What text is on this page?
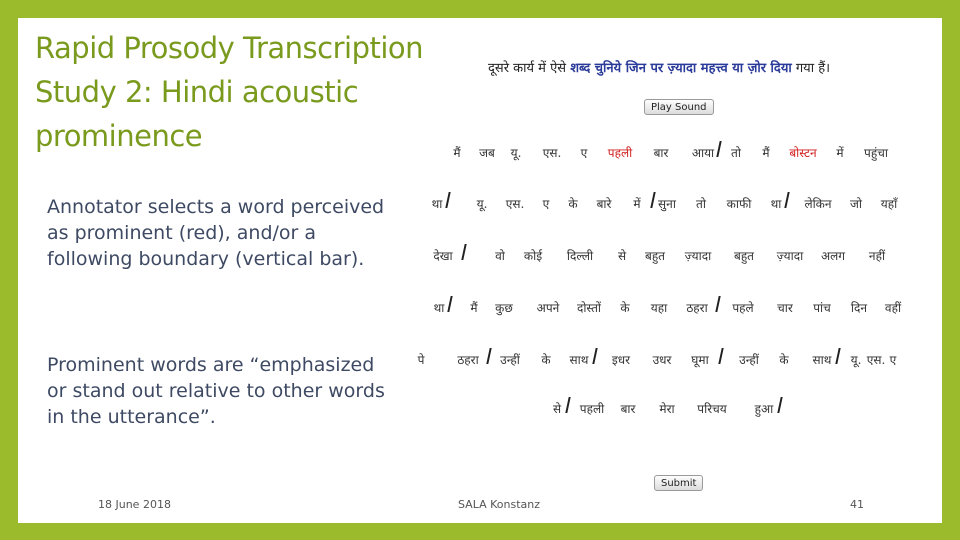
Rapid Prosody Transcription Study 2: Hindi acoustic prominence
Annotator selects a word perceived as prominent (red), and/or a following boundary (vertical bar).
Prominent words are “emphasized or stand out relative to other words in the utterance”.
दूसरे कार्य में ऐसे शब्द चुनिये जिन पर ज़्यादा महत्त्व या ज़ोर दिया गया हैं।
Play Sound
मैं जब यू. एस. ए पहली बार आया तो मैं बोस्टन में पहुंचा
था	यू. एस. ए के बारे में सुना तो काफी था लेकिन जो यहाँ
देखा	वो कोई दिल्ली से बहुत ज़्यादा बहुत ज़्यादा अलग नहीं
था मैं कुछ अपने दोस्तों के यहा ठहरा पहले चार पांच दिन वहीं
पे	ठहरा उन्हीं के साथ इधर उधर घूमा	उन्हीं के साथ यू. एस. ए
से पहली बार मेरा परिचय हुआ
Submit
18 June 2018	SALA Konstanz	41
